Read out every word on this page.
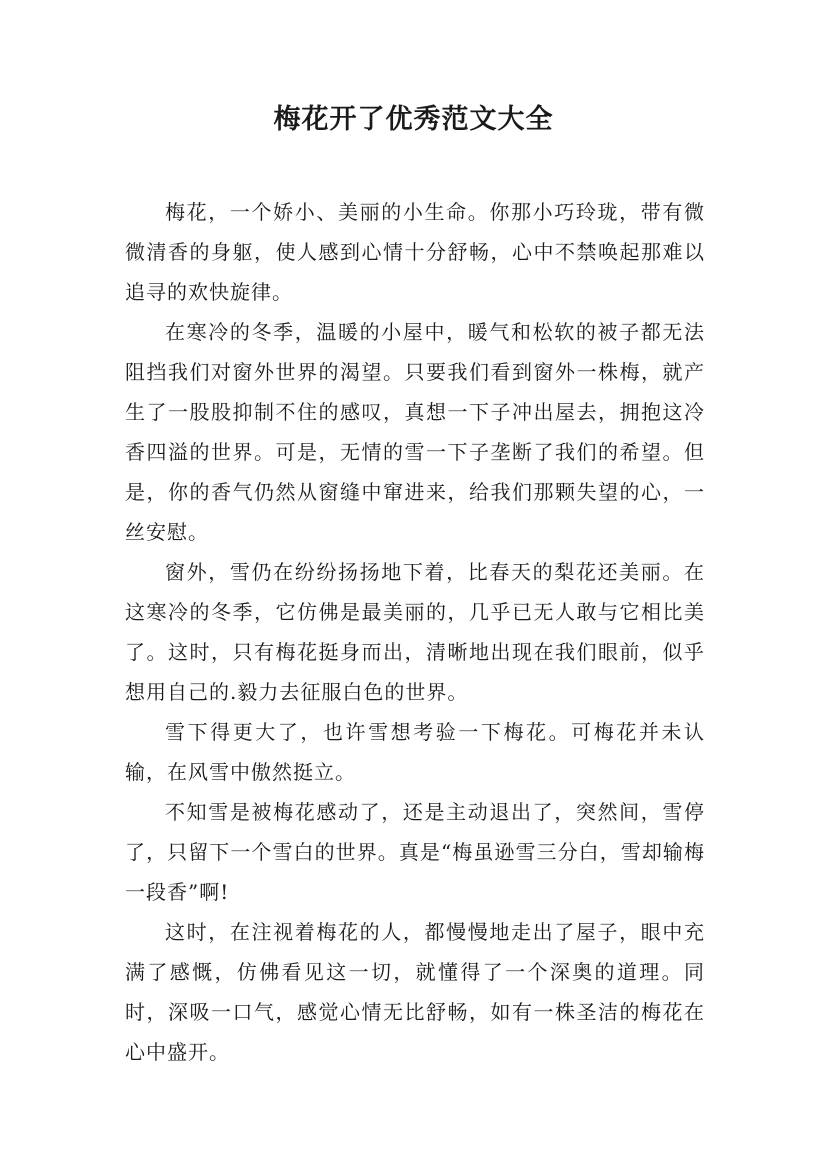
梅花开了优秀范文大全

梅花，一个娇小、美丽的小生命。你那小巧玲珑，带有微微清香的身躯，使人感到心情十分舒畅，心中不禁唤起那难以追寻的欢快旋律。

在寒冷的冬季，温暖的小屋中，暖气和松软的被子都无法阻挡我们对窗外世界的渴望。只要我们看到窗外一株梅，就产生了一股股抑制不住的感叹，真想一下子冲出屋去，拥抱这冷香四溢的世界。可是，无情的雪一下子垄断了我们的希望。但是，你的香气仍然从窗缝中窜进来，给我们那颗失望的心，一丝安慰。

窗外，雪仍在纷纷扬扬地下着，比春天的梨花还美丽。在这寒冷的冬季，它仿佛是最美丽的，几乎已无人敢与它相比美了。这时，只有梅花挺身而出，清晰地出现在我们眼前，似乎想用自己的.毅力去征服白色的世界。

雪下得更大了，也许雪想考验一下梅花。可梅花并未认输，在风雪中傲然挺立。

不知雪是被梅花感动了，还是主动退出了，突然间，雪停了，只留下一个雪白的世界。真是“梅虽逊雪三分白，雪却输梅一段香”啊!

这时，在注视着梅花的人，都慢慢地走出了屋子，眼中充满了感慨，仿佛看见这一切，就懂得了一个深奥的道理。同时，深吸一口气，感觉心情无比舒畅，如有一株圣洁的梅花在心中盛开。
